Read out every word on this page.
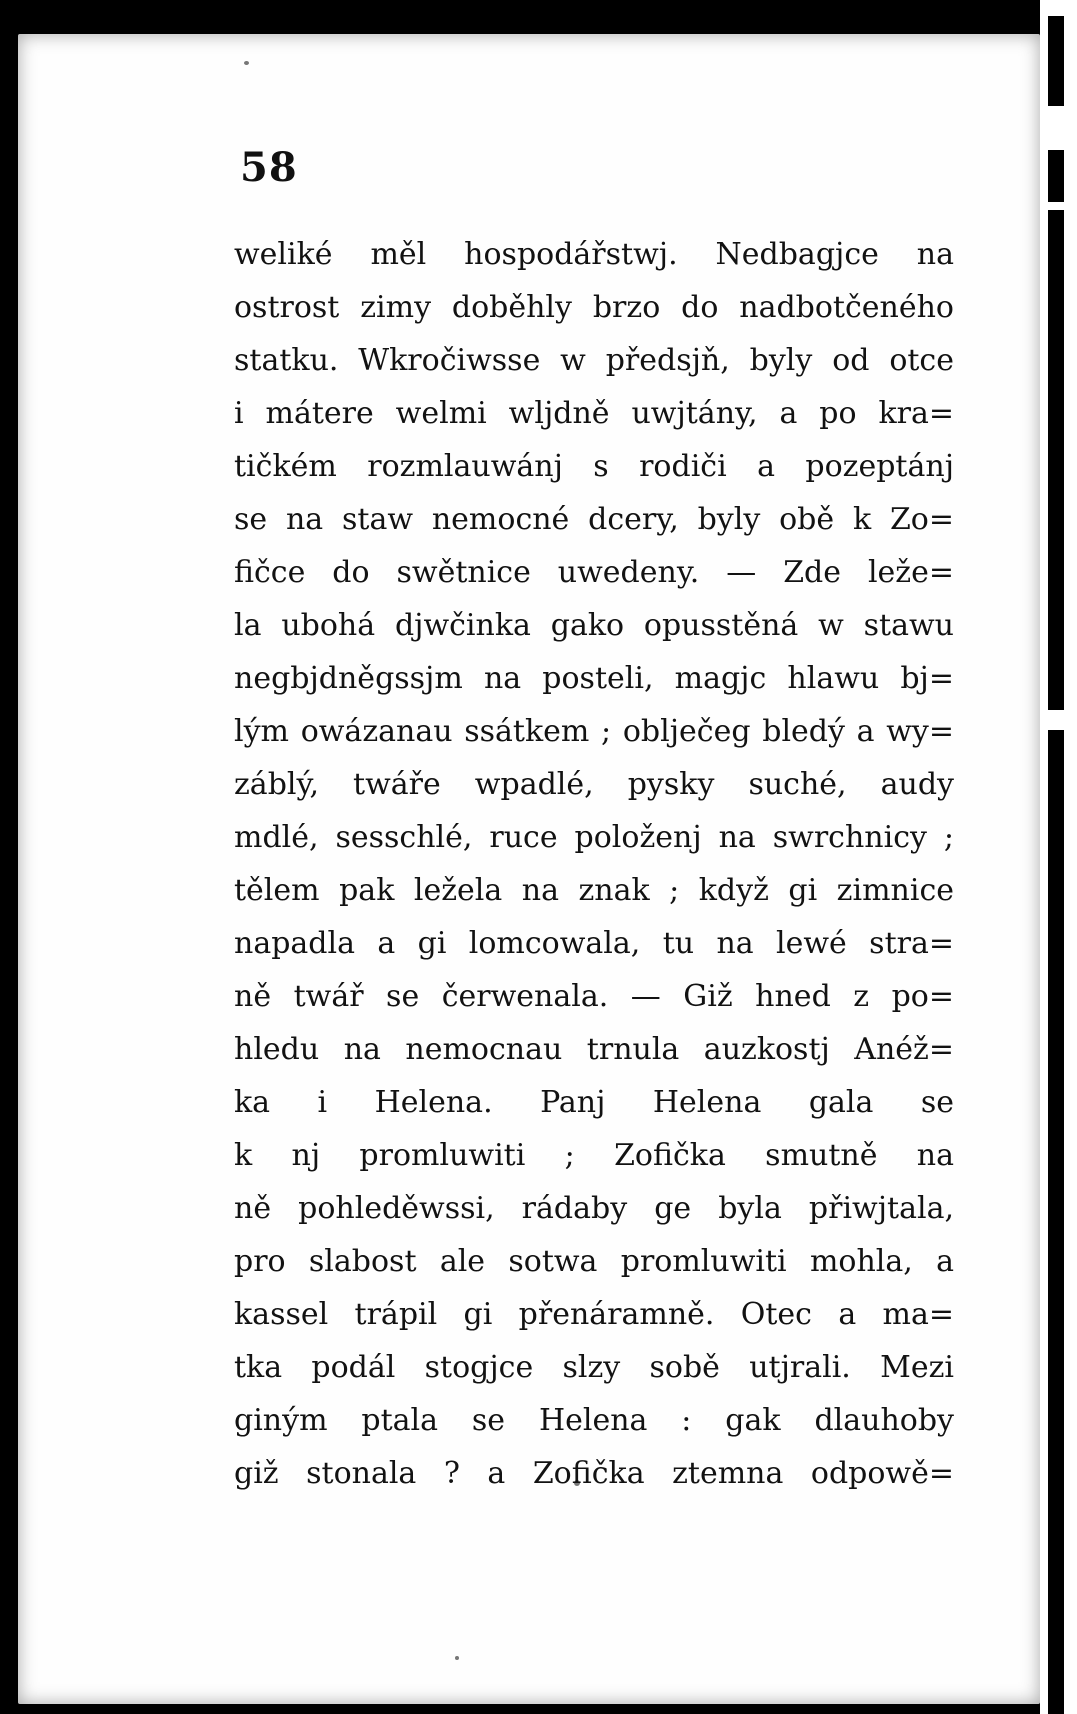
58
weliké měl hospodářstwj. Nedbagjce na
ostrost zimy doběhly brzo do nadbotčeného
statku. Wkročiwsse w předsjň, byly od otce
i mátere welmi wljdně uwjtány, a po kra=
tičkém rozmlauwánj s rodiči a pozeptánj
se na staw nemocné dcery, byly obě k Zo=
fičce do swětnice uwedeny. — Zde leže=
la ubohá djwčinka gako opusstěná w stawu
negbjdněgssjm na posteli, magjc hlawu bj=
lým owázanau ssátkem ; oblječeg bledý a wy=
záblý, twáře wpadlé, pysky suché, audy
mdlé, sesschlé, ruce položenj na swrchnicy ;
tělem pak ležela na znak ; když gi zimnice
napadla a gi lomcowala, tu na lewé stra=
ně twář se čerwenala. — Giž hned z po=
hledu na nemocnau trnula auzkostj Anéž=
ka i Helena. Panj Helena gala se
k nj promluwiti ; Zofička smutně na
ně pohleděwssi, rádaby ge byla přiwjtala,
pro slabost ale sotwa promluwiti mohla, a
kassel trápil gi přenáramně. Otec a ma=
tka podál stogjce slzy sobě utjrali. Mezi
giným ptala se Helena : gak dlauhoby
giž stonala ? a Zofička ztemna odpowě=
